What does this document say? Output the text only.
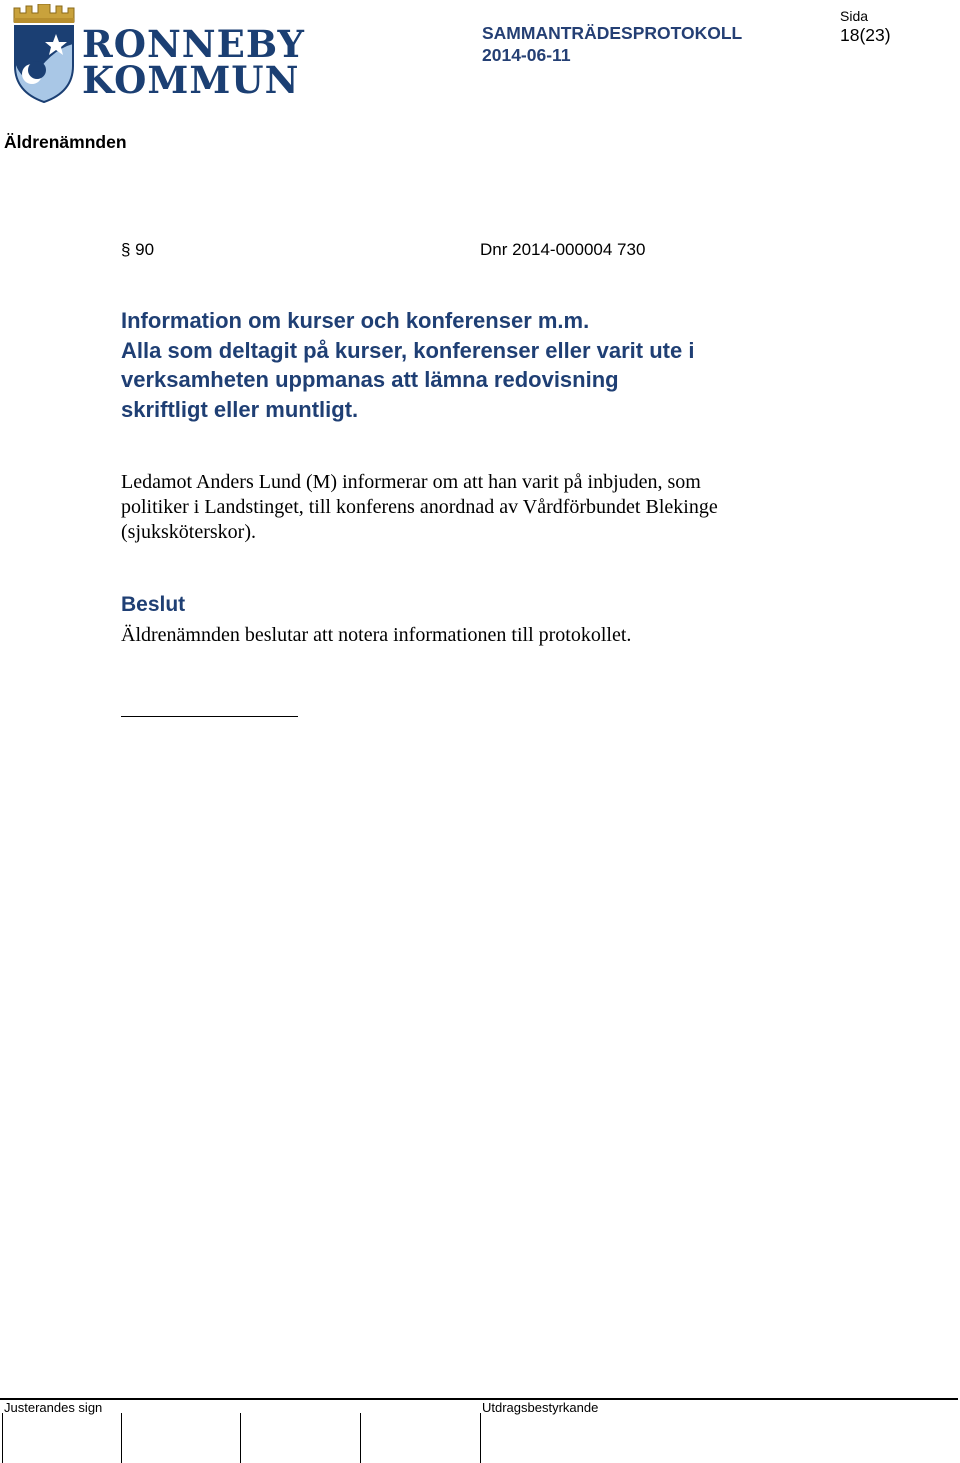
RONNEBY
KOMMUN
SAMMANTRÄDESPROTOKOLL
2014-06-11
Sida
18(23)
Äldrenämnden
§ 90	Dnr 2014-000004 730
Information om kurser och konferenser m.m.
Alla som deltagit på kurser, konferenser eller varit ute i
verksamheten uppmanas att lämna redovisning
skriftligt eller muntligt.
Ledamot Anders Lund (M) informerar om att han varit på inbjuden, som
politiker i Landstinget, till konferens anordnad av Vårdförbundet Blekinge
(sjuksköterskor).
Beslut
Äldrenämnden beslutar att notera informationen till protokollet.
Justerandes sign	Utdragsbestyrkande
